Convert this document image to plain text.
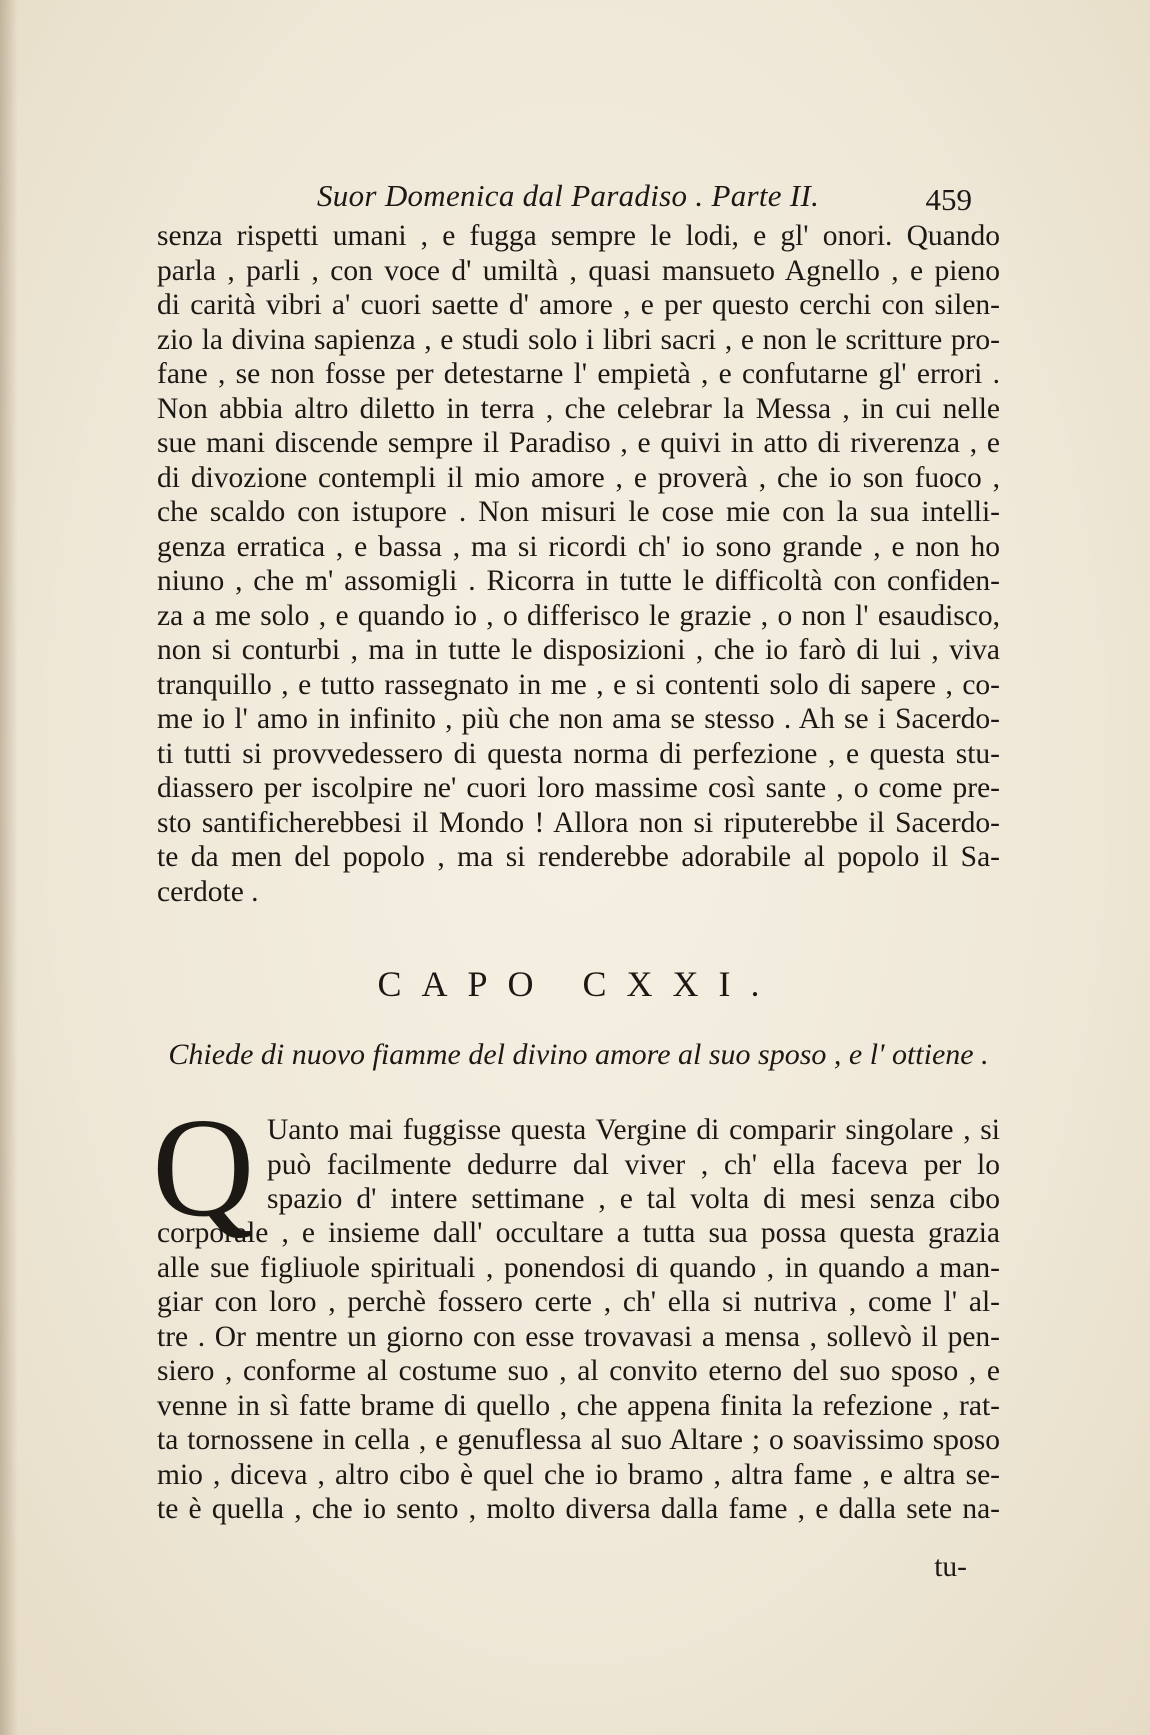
Suor Domenica dal Paradiso . Parte II.	459
senza rispetti umani , e fugga sempre le lodi, e gl' onori. Quando
parla , parli , con voce d' umiltà , quasi mansueto Agnello , e pieno
di carità vibri a' cuori saette d' amore , e per questo cerchi con silen-
zio la divina sapienza , e studi solo i libri sacri , e non le scritture pro-
fane , se non fosse per detestarne l' empietà , e confutarne gl' errori .
Non abbia altro diletto in terra , che celebrar la Messa , in cui nelle
sue mani discende sempre il Paradiso , e quivi in atto di riverenza , e
di divozione contempli il mio amore , e proverà , che io son fuoco ,
che scaldo con istupore . Non misuri le cose mie con la sua intelli-
genza erratica , e bassa , ma si ricordi ch' io sono grande , e non ho
niuno , che m' assomigli . Ricorra in tutte le difficoltà con confiden-
za a me solo , e quando io , o differisco le grazie , o non l' esaudisco,
non si conturbi , ma in tutte le disposizioni , che io farò di lui , viva
tranquillo , e tutto rassegnato in me , e si contenti solo di sapere , co-
me io l' amo in infinito , più che non ama se stesso . Ah se i Sacerdo-
ti tutti si provvedessero di questa norma di perfezione , e questa stu-
diassero per iscolpire ne' cuori loro massime così sante , o come pre-
sto santificherebbesi il Mondo ! Allora non si riputerebbe il Sacerdo-
te da men del popolo , ma si renderebbe adorabile al popolo il Sa-
cerdote .
CAPO CXXI.
Chiede di nuovo fiamme del divino amore al suo sposo , e l' ottiene .
Q Uanto mai fuggisse questa Vergine di comparir singolare , si
può facilmente dedurre dal viver , ch' ella faceva per lo
spazio d' intere settimane , e tal volta di mesi senza cibo
corporale , e insieme dall' occultare a tutta sua possa questa grazia
alle sue figliuole spirituali , ponendosi di quando , in quando a man-
giar con loro , perchè fossero certe , ch' ella si nutriva , come l' al-
tre . Or mentre un giorno con esse trovavasi a mensa , sollevò il pen-
siero , conforme al costume suo , al convito eterno del suo sposo , e
venne in sì fatte brame di quello , che appena finita la refezione , rat-
ta tornossene in cella , e genuflessa al suo Altare ; o soavissimo sposo
mio , diceva , altro cibo è quel che io bramo , altra fame , e altra se-
te è quella , che io sento , molto diversa dalla fame , e dalla sete na-
tu-
